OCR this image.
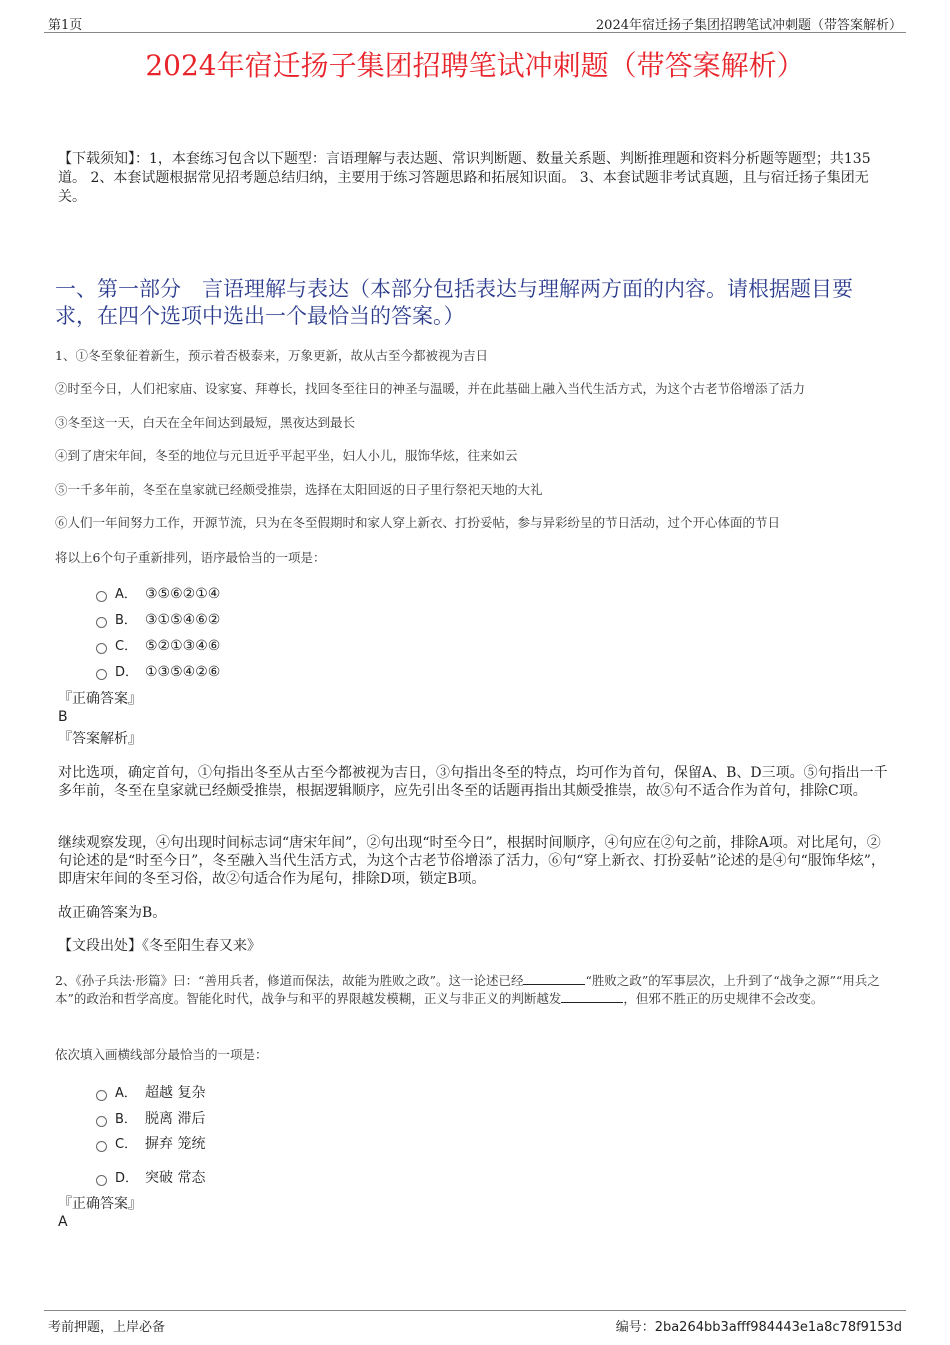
第1页	2024年宿迁扬子集团招聘笔试冲刺题（带答案解析）
2024年宿迁扬子集团招聘笔试冲刺题（带答案解析）
【下载须知】：1，本套练习包含以下题型：言语理解与表达题、常识判断题、数量关系题、判断推理题和资料分析题等题型；共135道。 2、本套试题根据常见招考题总结归纳，主要用于练习答题思路和拓展知识面。 3、本套试题非考试真题，且与宿迁扬子集团无关。
一、第一部分　言语理解与表达（本部分包括表达与理解两方面的内容。请根据题目要求，在四个选项中选出一个最恰当的答案。）
1、①冬至象征着新生，预示着否极泰来，万象更新，故从古至今都被视为吉日
②时至今日，人们祀家庙、设家宴、拜尊长，找回冬至往日的神圣与温暖，并在此基础上融入当代生活方式，为这个古老节俗增添了活力
③冬至这一天，白天在全年间达到最短，黑夜达到最长
④到了唐宋年间，冬至的地位与元旦近乎平起平坐，妇人小儿，服饰华炫，往来如云
⑤一千多年前，冬至在皇家就已经颇受推崇，选择在太阳回返的日子里行祭祀天地的大礼
⑥人们一年间努力工作，开源节流，只为在冬至假期时和家人穿上新衣、打扮妥帖，参与异彩纷呈的节日活动，过个开心体面的节日
将以上6个句子重新排列，语序最恰当的一项是：
A． ③⑤⑥②①④
B． ③①⑤④⑥②
C． ⑤②①③④⑥
D． ①③⑤④②⑥
『正确答案』
B
『答案解析』
对比选项，确定首句，①句指出冬至从古至今都被视为吉日，③句指出冬至的特点，均可作为首句，保留A、B、D三项。⑤句指出一千多年前，冬至在皇家就已经颇受推崇，根据逻辑顺序，应先引出冬至的话题再指出其颇受推崇，故⑤句不适合作为首句，排除C项。
继续观察发现，④句出现时间标志词“唐宋年间”，②句出现“时至今日”，根据时间顺序，④句应在②句之前，排除A项。对比尾句，②句论述的是“时至今日”，冬至融入当代生活方式，为这个古老节俗增添了活力，⑥句“穿上新衣、打扮妥帖”论述的是④句“服饰华炫”，即唐宋年间的冬至习俗，故②句适合作为尾句，排除D项，锁定B项。
故正确答案为B。
【文段出处】《冬至阳生春又来》
2、《孙子兵法·形篇》曰：“善用兵者，修道而保法，故能为胜败之政”。这一论述已经	“胜败之政”的军事层次，上升到了“战争之源”“用兵之本”的政治和哲学高度。智能化时代，战争与和平的界限越发模糊，正义与非正义的判断越发	，但邪不胜正的历史规律不会改变。
依次填入画横线部分最恰当的一项是：
A． 超越 复杂
B． 脱离 滞后
C． 摒弃 笼统
D． 突破 常态
『正确答案』
A
考前押题，上岸必备	编号：2ba264bb3afff984443e1a8c78f9153d
